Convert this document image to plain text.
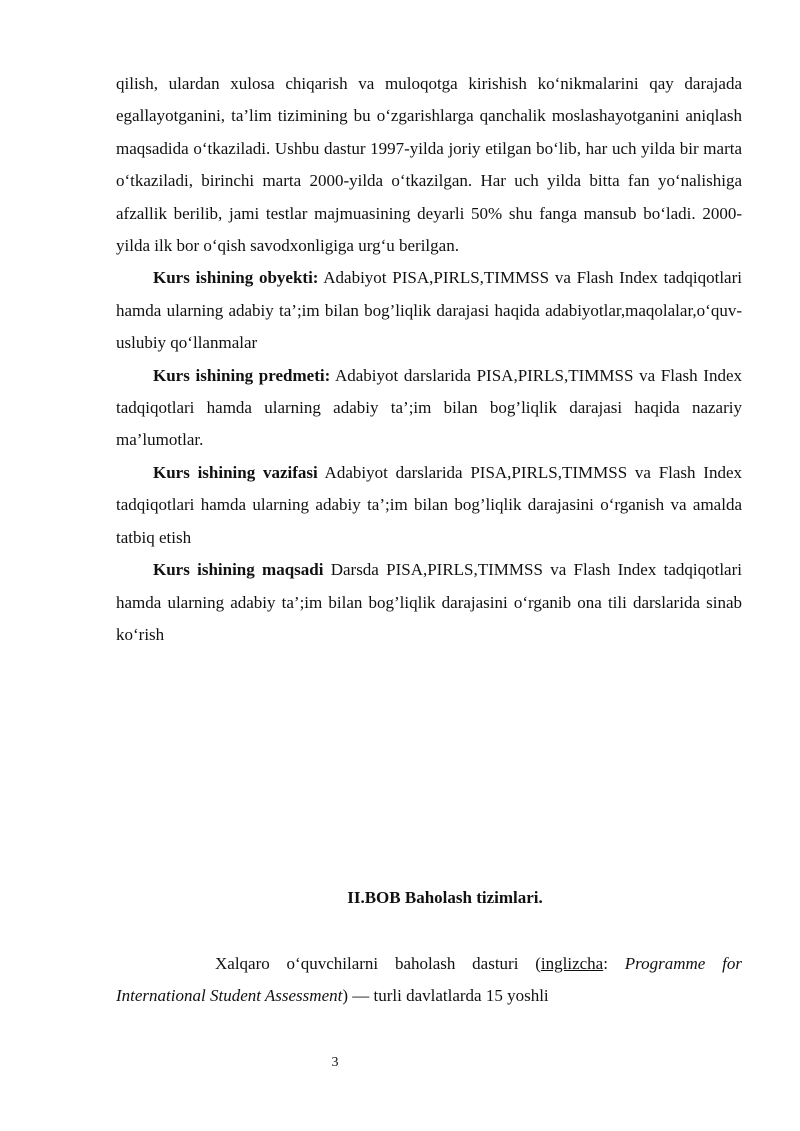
qilish, ulardan xulosa chiqarish va muloqotga kirishish ko‘nikmalarini qay darajada egallayotganini, ta’lim tizimining bu o‘zgarishlarga qanchalik moslashayotganini aniqlash maqsadida o‘tkaziladi. Ushbu dastur 1997-yilda joriy etilgan bo‘lib, har uch yilda bir marta o‘tkaziladi, birinchi marta 2000-yilda o‘tkazilgan. Har uch yilda bitta fan yo‘nalishiga afzallik berilib, jami testlar majmuasining deyarli 50% shu fanga mansub bo‘ladi. 2000-yilda ilk bor o‘qish savodxonligiga urg‘u berilgan.

Kurs ishining obyekti: Adabiyot PISA,PIRLS,TIMMSS va Flash Index tadqiqotlari hamda ularning adabiy ta’;im bilan bog’liqlik darajasi haqida adabiyotlar,maqolalar,o‘quv-uslubiy qo‘llanmalar

Kurs ishining predmeti: Adabiyot darslarida PISA,PIRLS,TIMMSS va Flash Index tadqiqotlari hamda ularning adabiy ta’;im bilan bog’liqlik darajasi haqida nazariy ma’lumotlar.

Kurs ishining vazifasi Adabiyot darslarida PISA,PIRLS,TIMMSS va Flash Index tadqiqotlari hamda ularning adabiy ta’;im bilan bog’liqlik darajasini o‘rganish va amalda tatbiq etish

Kurs ishining maqsadi Darsda PISA,PIRLS,TIMMSS va Flash Index tadqiqotlari hamda ularning adabiy ta’;im bilan bog’liqlik darajasini o‘rganib ona tili darslarida sinab ko‘rish

II.BOB Baholash tizimlari.

Xalqaro o‘quvchilarni baholash dasturi (inglizcha: Programme for International Student Assessment) — turli davlatlarda 15 yoshli

3
